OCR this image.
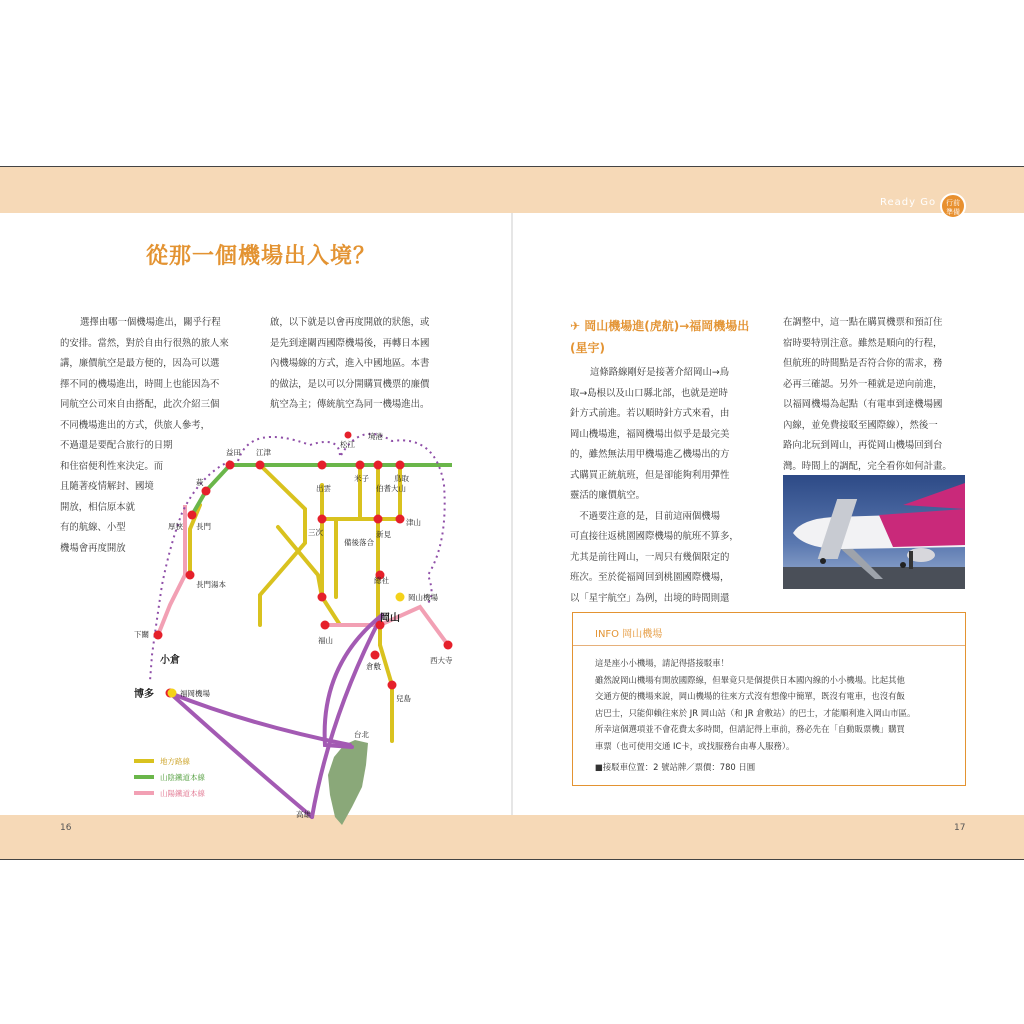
Ready Go	行前
準備
16	17
從那一個機場出入境？
選擇由哪一個機場進出，關乎行程
的安排。當然，對於自由行很熟的旅人來
講，廉價航空是最方便的，因為可以選
擇不同的機場進出，時間上也能因為不
同航空公司來自由搭配，此次介紹三個
不同機場進出的方式，供旅人參考，
不過還是要配合旅行的日期
和住宿便利性來決定。而
且隨著疫情解封、國境
開放，相信原本就
有的航線、小型
機場會再度開放
啟，以下就是以會再度開啟的狀態，或
是先到達關西國際機場後，再轉日本國
內機場線的方式，進入中國地區。本書
的做法，是以可以分開購買機票的廉價
航空為主；傳統航空為同一機場進出。
益田 江津
萩
長門
厚狹
長門湯本
下關
小倉
博多	福岡機場
出雲
松江
境港
米子
伯耆大山
鳥取
備後落合
津山
三次	新見
總社
岡山機場
岡山
福山
倉敷
西大寺
兒島
台北
高雄
地方路線
山陰鐵道本線
山陽鐵道本線
✈ 岡山機場進(虎航)→福岡機場出(星宇)
這條路線剛好是接著介紹岡山→鳥
取→島根以及山口縣北部，也就是逆時
針方式前進。若以順時針方式來看，由
岡山機場進，福岡機場出似乎是最完美
的，雖然無法用甲機場進乙機場出的方
式購買正統航班，但是卻能夠利用彈性
靈活的廉價航空。
　不過要注意的是，目前這兩個機場
可直接往返桃園國際機場的航班不算多，
尤其是前往岡山，一周只有幾個限定的
班次。至於從福岡回到桃園國際機場，
以「星宇航空」為例，出境的時間則還
在調整中，這一點在購買機票和預訂住
宿時要特別注意。雖然是順向的行程，
但航班的時間點是否符合你的需求，務
必再三確認。另外一種就是逆向前進，
以福岡機場為起點（有電車到達機場國
內線，並免費接駁至國際線），然後一
路向北玩到岡山，再從岡山機場回到台
灣。時間上的調配，完全看你如何計畫。
INFO 岡山機場
這是座小小機場，請記得搭接駁車！
雖然說岡山機場有開放國際線，但畢竟只是個提供日本國內線的小小機場。比起其他
交通方便的機場來說，岡山機場的往來方式沒有想像中簡單，既沒有電車，也沒有飯
店巴士，只能仰賴往來於 JR 岡山站（和 JR 倉敷站）的巴士，才能順利進入岡山市區。
所幸這個選項並不會花費太多時間，但請記得上車前，務必先在「自動販票機」購買
車票（也可使用交通 IC卡，或找服務台由專人服務）。
■接駁車位置：2 號站牌／票價：780 日圓
